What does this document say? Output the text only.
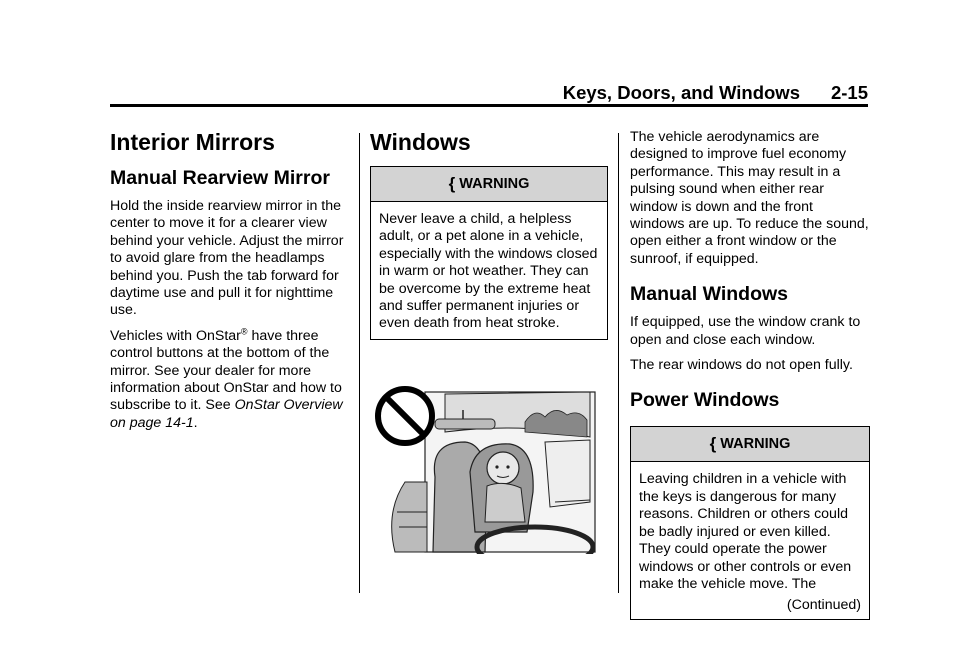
Keys, Doors, and Windows 2-15
Interior Mirrors
Manual Rearview Mirror

Hold the inside rearview mirror in the center to move it for a clearer view behind your vehicle. Adjust the mirror to avoid glare from the headlamps behind you. Push the tab forward for daytime use and pull it for nighttime use.

Vehicles with OnStar® have three control buttons at the bottom of the mirror. See your dealer for more information about OnStar and how to subscribe to it. See OnStar Overview on page 14-1.

Windows
{ WARNING

Never leave a child, a helpless adult, or a pet alone in a vehicle, especially with the windows closed in warm or hot weather. They can be overcome by the extreme heat and suffer permanent injuries or even death from heat stroke.

The vehicle aerodynamics are designed to improve fuel economy performance. This may result in a pulsing sound when either rear window is down and the front windows are up. To reduce the sound, open either a front window or the sunroof, if equipped.

Manual Windows

If equipped, use the window crank to open and close each window.

The rear windows do not open fully.

Power Windows
{ WARNING

Leaving children in a vehicle with the keys is dangerous for many reasons. Children or others could be badly injured or even killed. They could operate the power windows or other controls or even make the vehicle move. The

(Continued)
